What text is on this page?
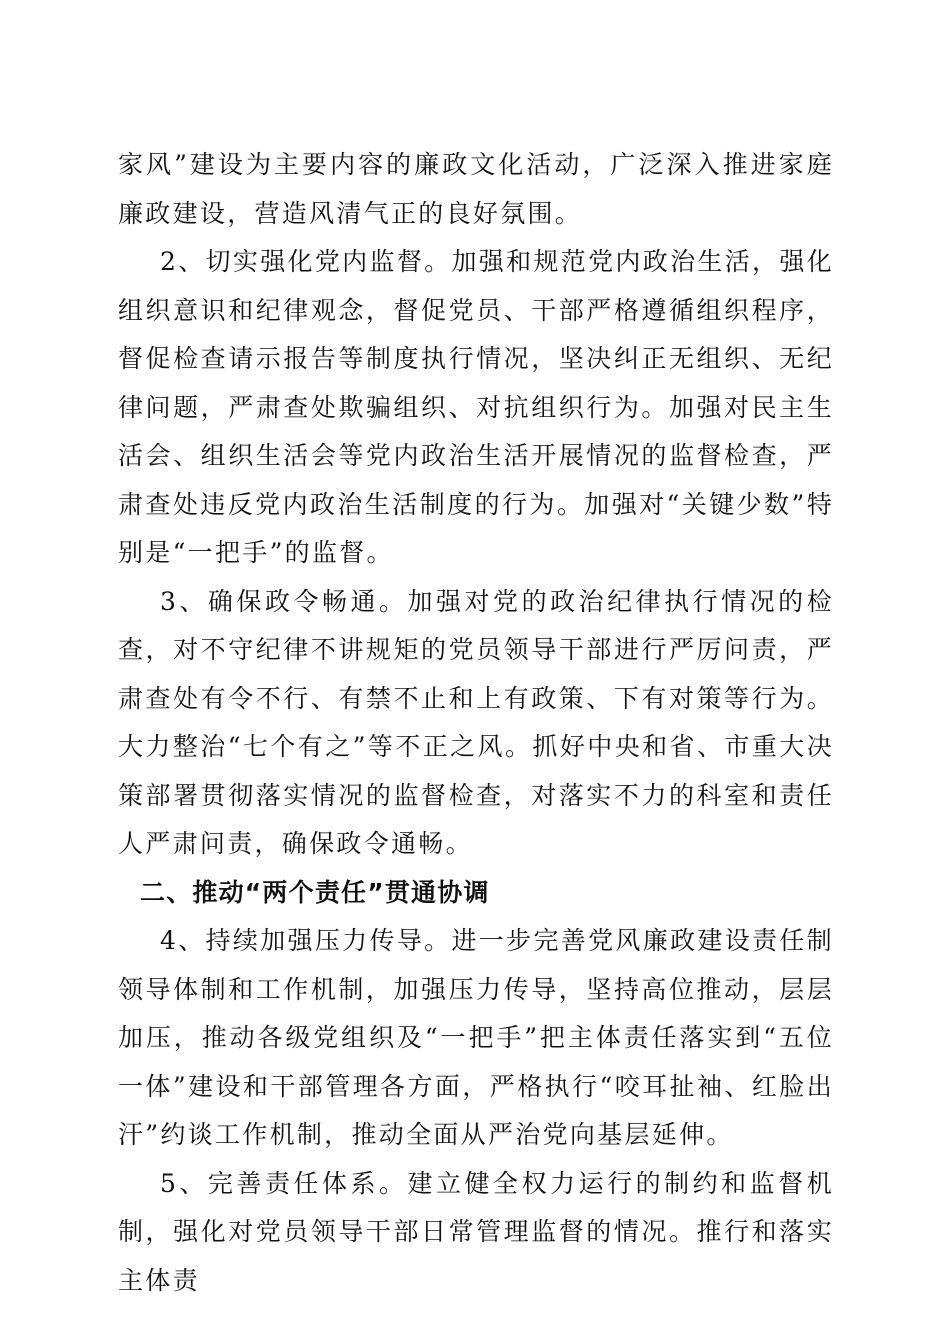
家风”建设为主要内容的廉政文化活动，广泛深入推进家庭廉政建设，营造风清气正的良好氛围。

2、切实强化党内监督。加强和规范党内政治生活，强化组织意识和纪律观念，督促党员、干部严格遵循组织程序，督促检查请示报告等制度执行情况，坚决纠正无组织、无纪律问题，严肃查处欺骗组织、对抗组织行为。加强对民主生活会、组织生活会等党内政治生活开展情况的监督检查，严肃查处违反党内政治生活制度的行为。加强对“关键少数”特别是“一把手”的监督。

3、确保政令畅通。加强对党的政治纪律执行情况的检查，对不守纪律不讲规矩的党员领导干部进行严厉问责，严肃查处有令不行、有禁不止和上有政策、下有对策等行为。大力整治“七个有之”等不正之风。抓好中央和省、市重大决策部署贯彻落实情况的监督检查，对落实不力的科室和责任人严肃问责，确保政令通畅。

二、推动“两个责任”贯通协调

4、持续加强压力传导。进一步完善党风廉政建设责任制领导体制和工作机制，加强压力传导，坚持高位推动，层层加压，推动各级党组织及“一把手”把主体责任落实到“五位一体”建设和干部管理各方面，严格执行“咬耳扯袖、红脸出汗”约谈工作机制，推动全面从严治党向基层延伸。

5、完善责任体系。建立健全权力运行的制约和监督机制，强化对党员领导干部日常管理监督的情况。推行和落实主体责
